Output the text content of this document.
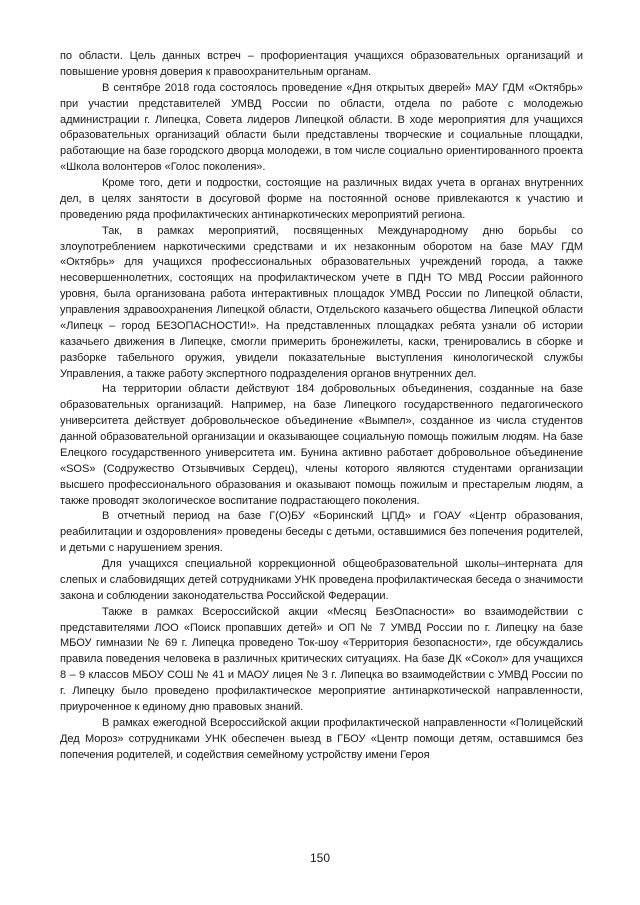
по области. Цель данных встреч – профориентация учащихся образовательных организаций и повышение уровня доверия к правоохранительным органам.

В сентябре 2018 года состоялось проведение «Дня открытых дверей» МАУ ГДМ «Октябрь» при участии представителей УМВД России по области, отдела по работе с молодежью администрации г. Липецка, Совета лидеров Липецкой области. В ходе мероприятия для учащихся образовательных организаций области были представлены творческие и социальные площадки, работающие на базе городского дворца молодежи, в том числе социально ориентированного проекта «Школа волонтеров «Голос поколения».

Кроме того, дети и подростки, состоящие на различных видах учета в органах внутренних дел, в целях занятости в досуговой форме на постоянной основе привлекаются к участию и проведению ряда профилактических антинаркотических мероприятий региона.

Так, в рамках мероприятий, посвященных Международному дню борьбы со злоупотреблением наркотическими средствами и их незаконным оборотом на базе МАУ ГДМ «Октябрь» для учащихся профессиональных образовательных учреждений города, а также несовершеннолетних, состоящих на профилактическом учете в ПДН ТО МВД России районного уровня, была организована работа интерактивных площадок УМВД России по Липецкой области, управления здравоохранения Липецкой области, Отдельского казачьего общества Липецкой области «Липецк – город БЕЗОПАСНОСТИ!». На представленных площадках ребята узнали об истории казачьего движения в Липецке, смогли примерить бронежилеты, каски, тренировались в сборке и разборке табельного оружия, увидели показательные выступления кинологической службы Управления, а также работу экспертного подразделения органов внутренних дел.

На территории области действуют 184 добровольных объединения, созданные на базе образовательных организаций. Например, на базе Липецкого государственного педагогического университета действует добровольческое объединение «Вымпел», созданное из числа студентов данной образовательной организации и оказывающее социальную помощь пожилым людям. На базе Елецкого государственного университета им. Бунина активно работает добровольное объединение «SOS» (Содружество Отзывчивых Сердец), члены которого являются студентами организации высшего профессионального образования и оказывают помощь пожилым и престарелым людям, а также проводят экологическое воспитание подрастающего поколения.

В отчетный период на базе Г(О)БУ «Боринский ЦПД» и ГОАУ «Центр образования, реабилитации и оздоровления» проведены беседы с детьми, оставшимися без попечения родителей, и детьми с нарушением зрения.

Для учащихся специальной коррекционной общеобразовательной школы–интерната для слепых и слабовидящих детей сотрудниками УНК проведена профилактическая беседа о значимости закона и соблюдении законодательства Российской Федерации.

Также в рамках Всероссийской акции «Месяц БезОпасности» во взаимодействии с представителями ЛОО «Поиск пропавших детей» и ОП № 7 УМВД России по г. Липецку на базе МБОУ гимназии № 69 г. Липецка проведено Ток-шоу «Территория безопасности», где обсуждались правила поведения человека в различных критических ситуациях. На базе ДК «Сокол» для учащихся 8 – 9 классов МБОУ СОШ № 41 и МАОУ лицея № 3 г. Липецка во взаимодействии с УМВД России по г. Липецку было проведено профилактическое мероприятие антинаркотической направленности, приуроченное к единому дню правовых знаний.

В рамках ежегодной Всероссийской акции профилактической направленности «Полицейский Дед Мороз» сотрудниками УНК обеспечен выезд в ГБОУ «Центр помощи детям, оставшимся без попечения родителей, и содействия семейному устройству имени Героя

150
